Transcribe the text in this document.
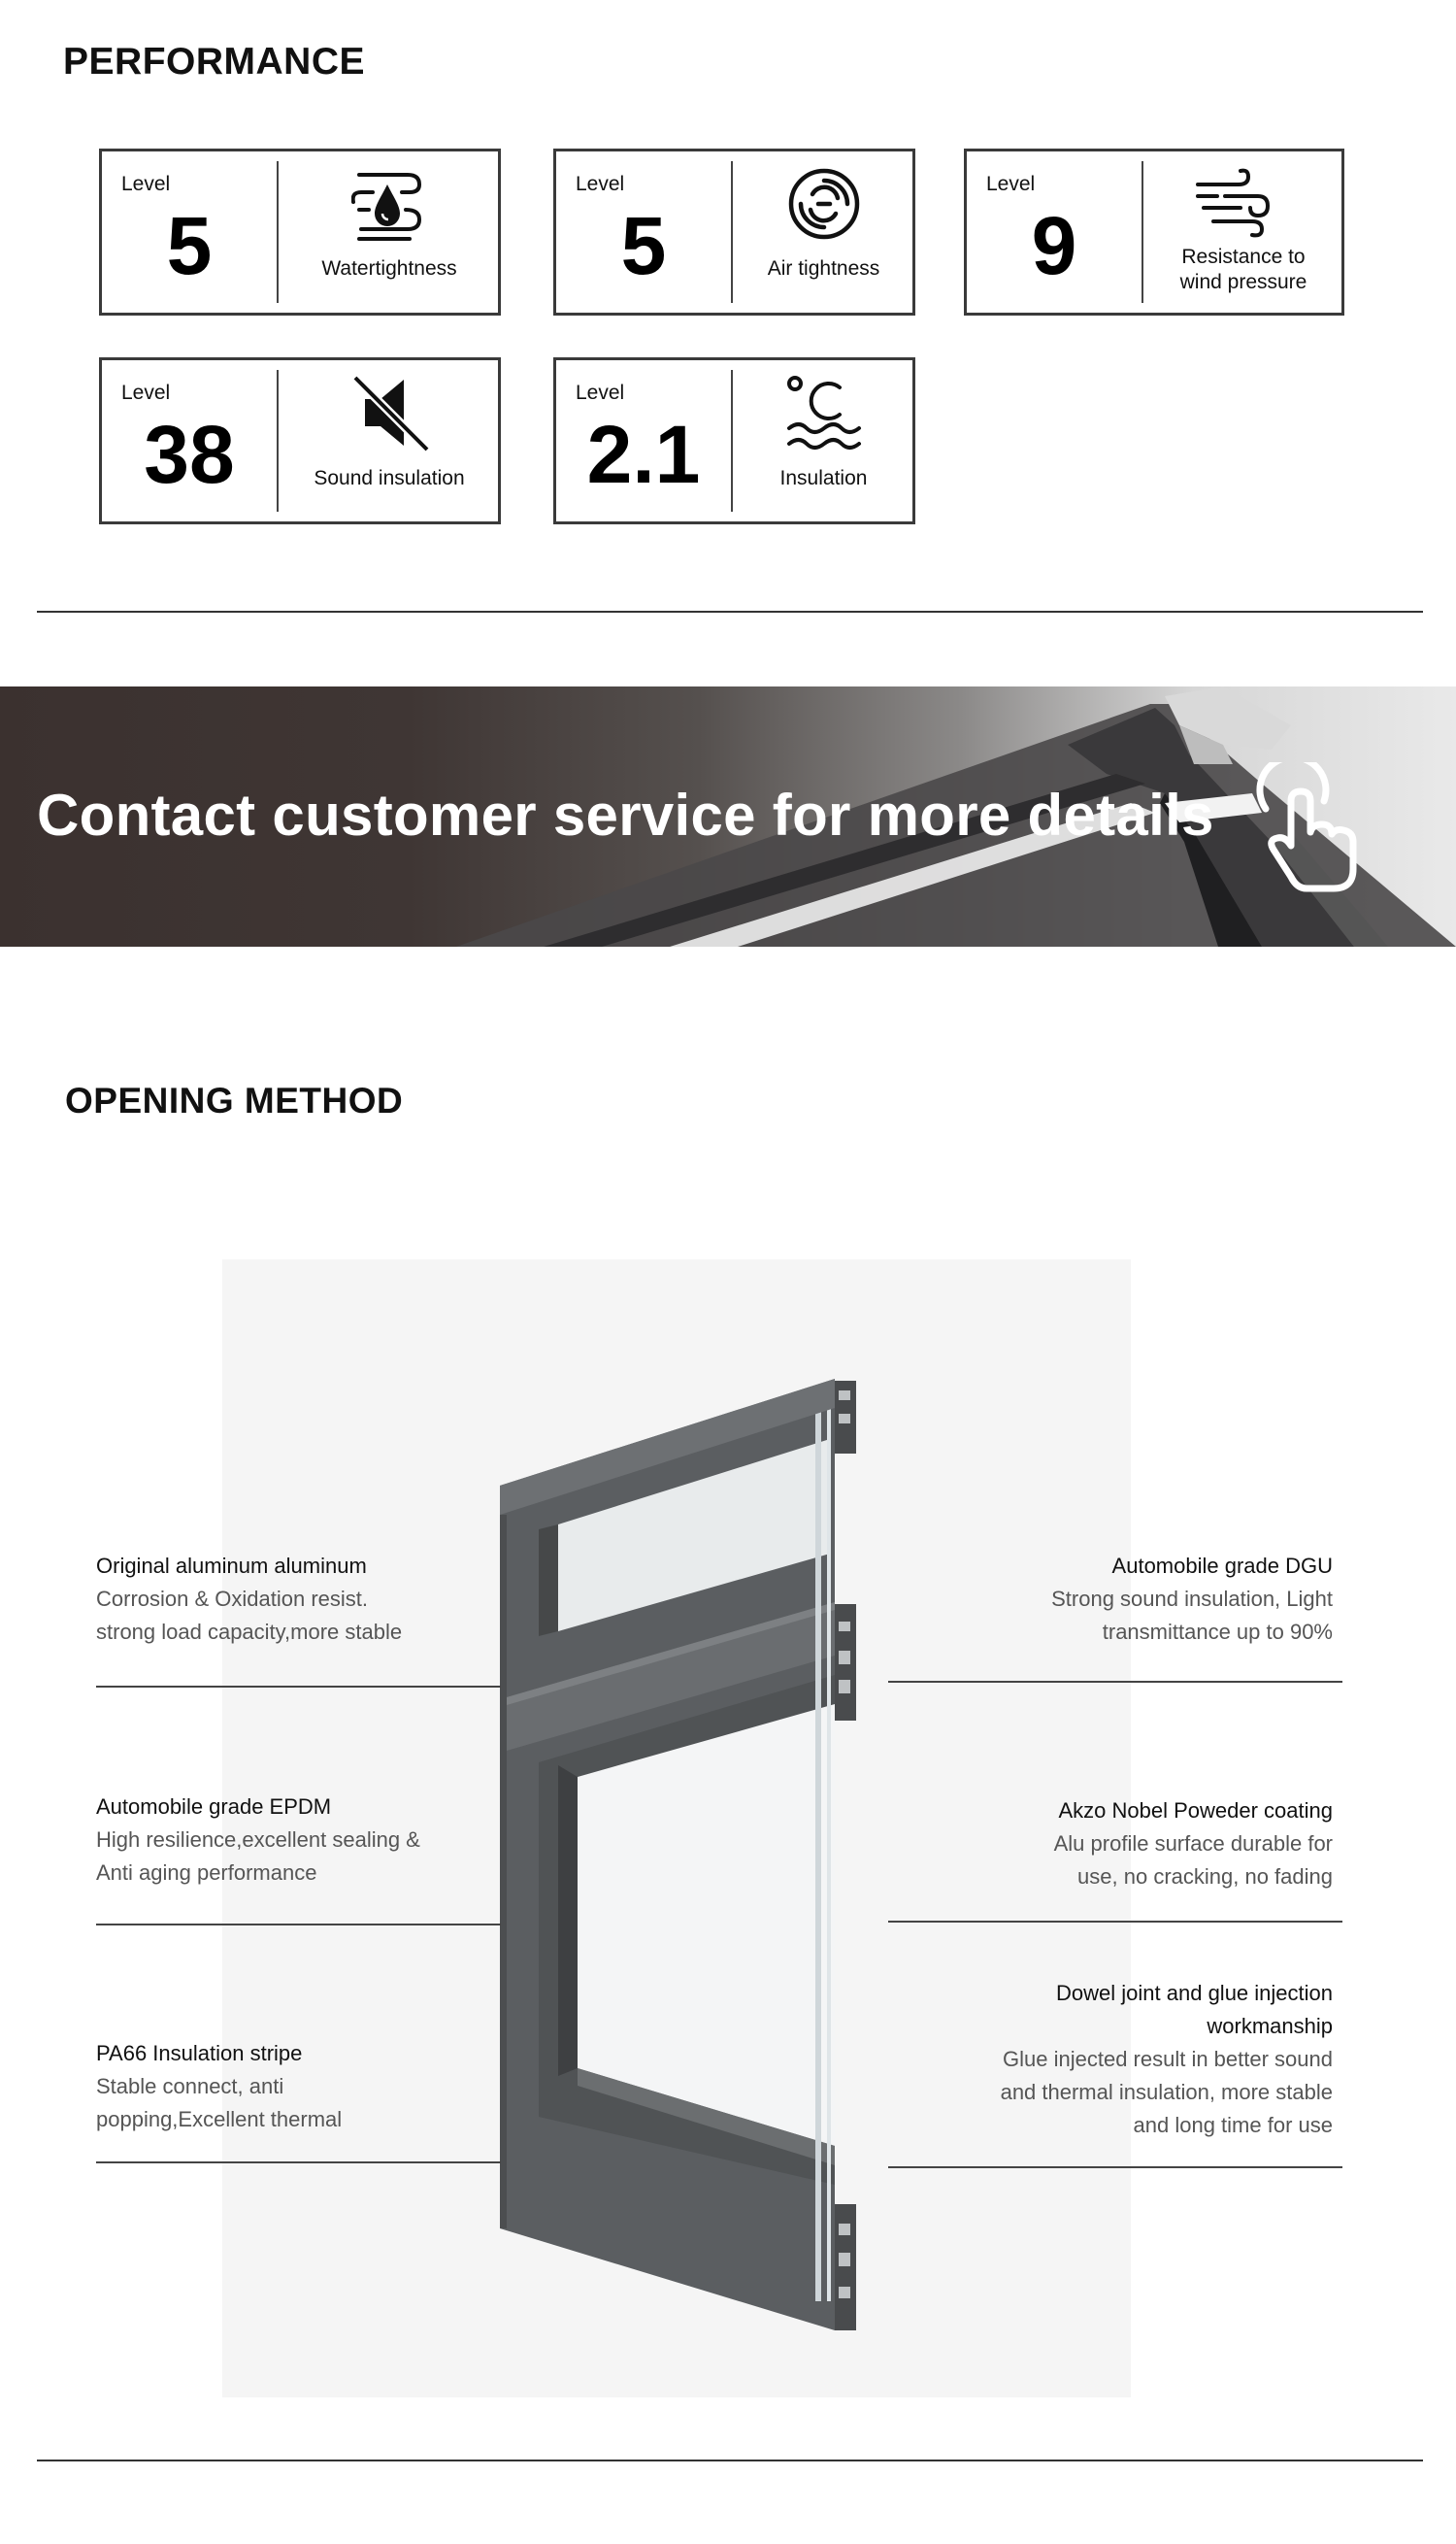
PERFORMANCE
Level
5	Watertightness
Level
5	Air tightness
Level
9	Resistance to
wind pressure
Level
38	Sound insulation
Level
2.1	Insulation
Contact customer service for more details
OPENING METHOD
Original aluminum aluminum
Corrosion & Oxidation resist.
strong load capacity,more stable
Automobile grade EPDM
High resilience,excellent sealing &
Anti aging performance
PA66 Insulation stripe
Stable connect, anti
popping,Excellent thermal
Automobile grade DGU
Strong sound insulation, Light
transmittance up to 90%
Akzo Nobel Poweder coating
Alu profile surface durable for
use, no cracking, no fading
Dowel joint and glue injection
workmanship
Glue injected result in better sound
and thermal insulation, more stable
and long time for use
